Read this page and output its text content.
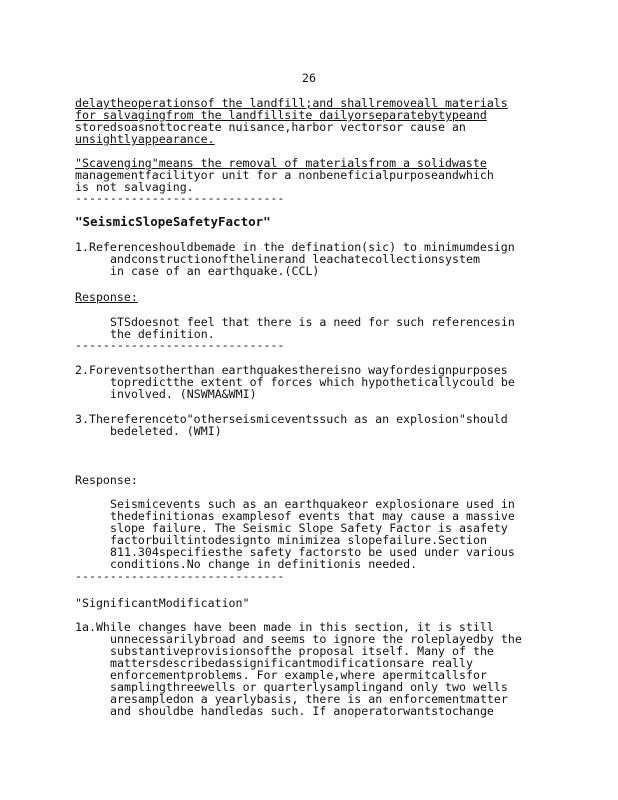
26
delaytheoperationsof the landfill;and shallremoveall materials
for salvagingfrom the landfillsite dailyorseparatebytypeand
storedsoasnottocreate nuisance,harbor vectorsor cause an
unsightlyappearance.
"Scavenging"means the removal of materialsfrom a solidwaste
managementfacilityor unit for a nonbeneficialpurposeandwhich
is not salvaging.
------------------------------
"SeismicSlopeSafetyFactor"
1.Referenceshouldbemade in the defination(sic) to minimumdesign
andconstructionofthelinerand leachatecollectionsystem
in case of an earthquake.(CCL)
Response:
STSdoesnot feel that there is a need for such referencesin
the definition.
------------------------------
2.Foreventsotherthan earthquakesthereisno wayfordesignpurposes
topredictthe extent of forces which hypotheticallycould be
involved. (NSWMA&WMI)
3.Thereferenceto"otherseismiceventssuch as an explosion"should
bedeleted. (WMI)
Response:
Seismicevents such as an earthquakeor explosionare used in
thedefinitionas examplesof events that may cause a massive
slope failure. The Seismic Slope Safety Factor is asafety
factorbuiltintodesignto minimizea slopefailure.Section
811.304specifiesthe safety factorsto be used under various
conditions.No change in definitionis needed.
------------------------------
"SignificantModification"
1a.While changes have been made in this section, it is still
unnecessarilybroad and seems to ignore the roleplayedby the
substantiveprovisionsofthe proposal itself. Many of the
mattersdescribedassignificantmodificationsare really
enforcementproblems. For example,where apermitcallsfor
samplingthreewells or quarterlysamplingand only two wells
aresampledon a yearlybasis, there is an enforcementmatter
and shouldbe handledas such. If anoperatorwantstochange
